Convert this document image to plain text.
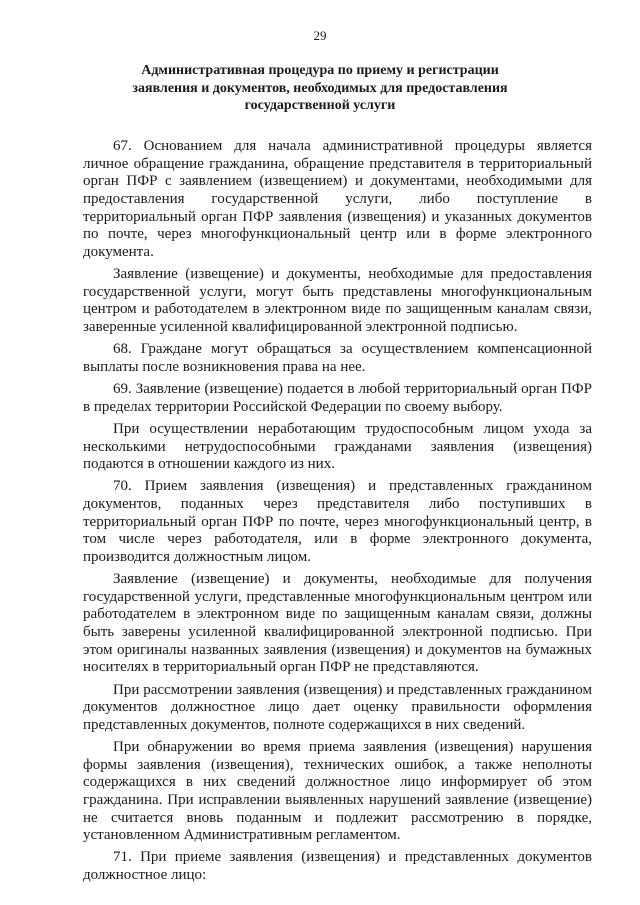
29
Административная процедура по приему и регистрации
заявления и документов, необходимых для предоставления
государственной услуги

67. Основанием для начала административной процедуры является личное обращение гражданина, обращение представителя в территориальный орган ПФР с заявлением (извещением) и документами, необходимыми для предоставления государственной услуги, либо поступление в территориальный орган ПФР заявления (извещения) и указанных документов по почте, через многофункциональный центр или в форме электронного документа.

Заявление (извещение) и документы, необходимые для предоставления государственной услуги, могут быть представлены многофункциональным центром и работодателем в электронном виде по защищенным каналам связи, заверенные усиленной квалифицированной электронной подписью.

68. Граждане могут обращаться за осуществлением компенсационной выплаты после возникновения права на нее.

69. Заявление (извещение) подается в любой территориальный орган ПФР в пределах территории Российской Федерации по своему выбору.

При осуществлении неработающим трудоспособным лицом ухода за несколькими нетрудоспособными гражданами заявления (извещения) подаются в отношении каждого из них.

70. Прием заявления (извещения) и представленных гражданином документов, поданных через представителя либо поступивших в территориальный орган ПФР по почте, через многофункциональный центр, в том числе через работодателя, или в форме электронного документа, производится должностным лицом.

Заявление (извещение) и документы, необходимые для получения государственной услуги, представленные многофункциональным центром или работодателем в электронном виде по защищенным каналам связи, должны быть заверены усиленной квалифицированной электронной подписью. При этом оригиналы названных заявления (извещения) и документов на бумажных носителях в территориальный орган ПФР не представляются.

При рассмотрении заявления (извещения) и представленных гражданином документов должностное лицо дает оценку правильности оформления представленных документов, полноте содержащихся в них сведений.

При обнаружении во время приема заявления (извещения) нарушения формы заявления (извещения), технических ошибок, а также неполноты содержащихся в них сведений должностное лицо информирует об этом гражданина. При исправлении выявленных нарушений заявление (извещение) не считается вновь поданным и подлежит рассмотрению в порядке, установленном Административным регламентом.

71. При приеме заявления (извещения) и представленных документов должностное лицо:
